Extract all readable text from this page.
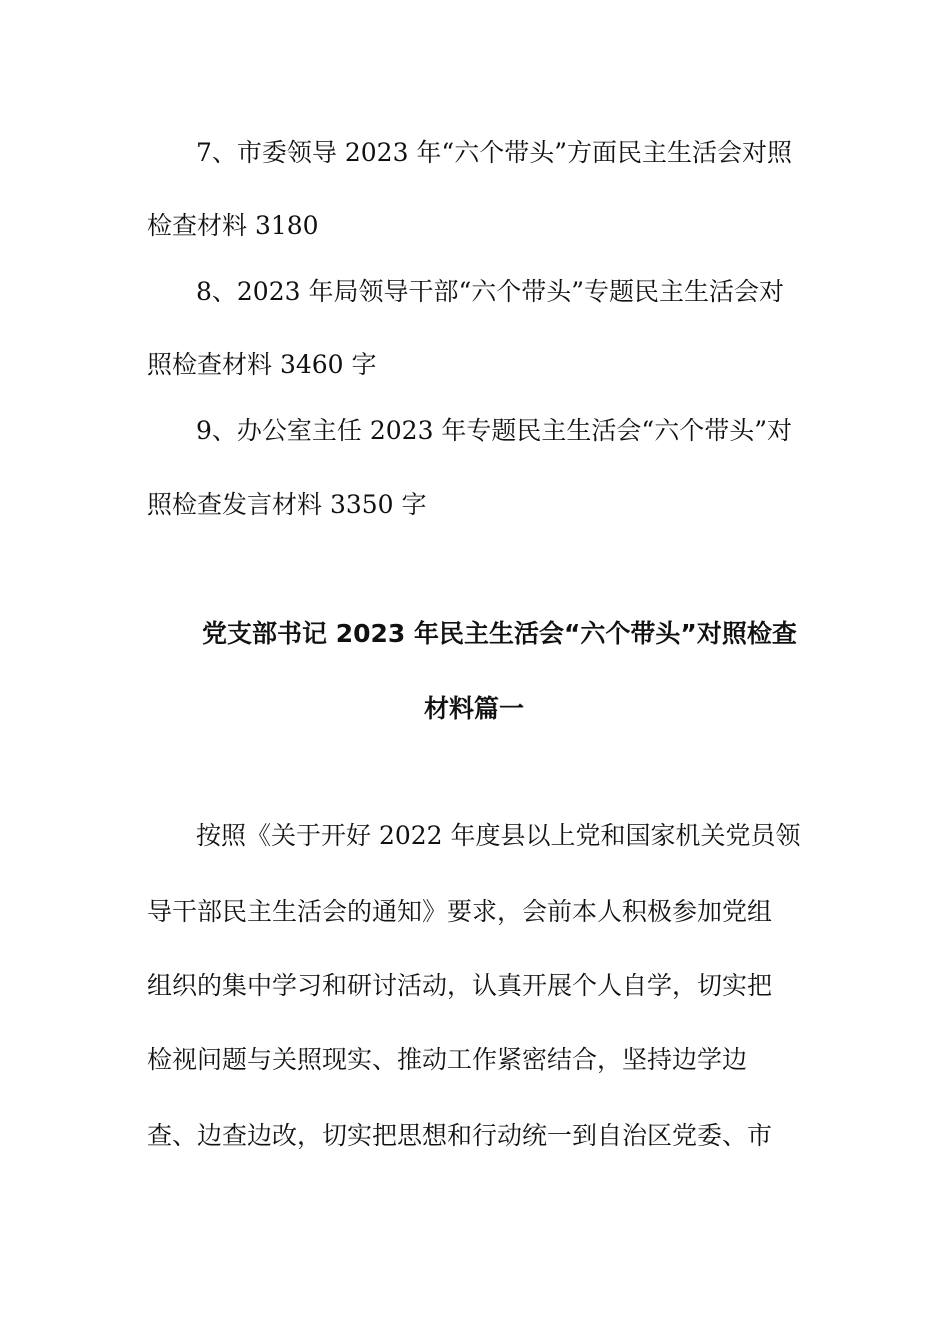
7、市委领导 2023 年“六个带头”方面民主生活会对照
检查材料 3180
8、2023 年局领导干部“六个带头”专题民主生活会对
照检查材料 3460 字
9、办公室主任 2023 年专题民主生活会“六个带头”对
照检查发言材料 3350 字
党支部书记 2023 年民主生活会“六个带头”对照检查
材料篇一
按照《关于开好 2022 年度县以上党和国家机关党员领
导干部民主生活会的通知》要求，会前本人积极参加党组
组织的集中学习和研讨活动，认真开展个人自学，切实把
检视问题与关照现实、推动工作紧密结合，坚持边学边
查、边查边改，切实把思想和行动统一到自治区党委、市
